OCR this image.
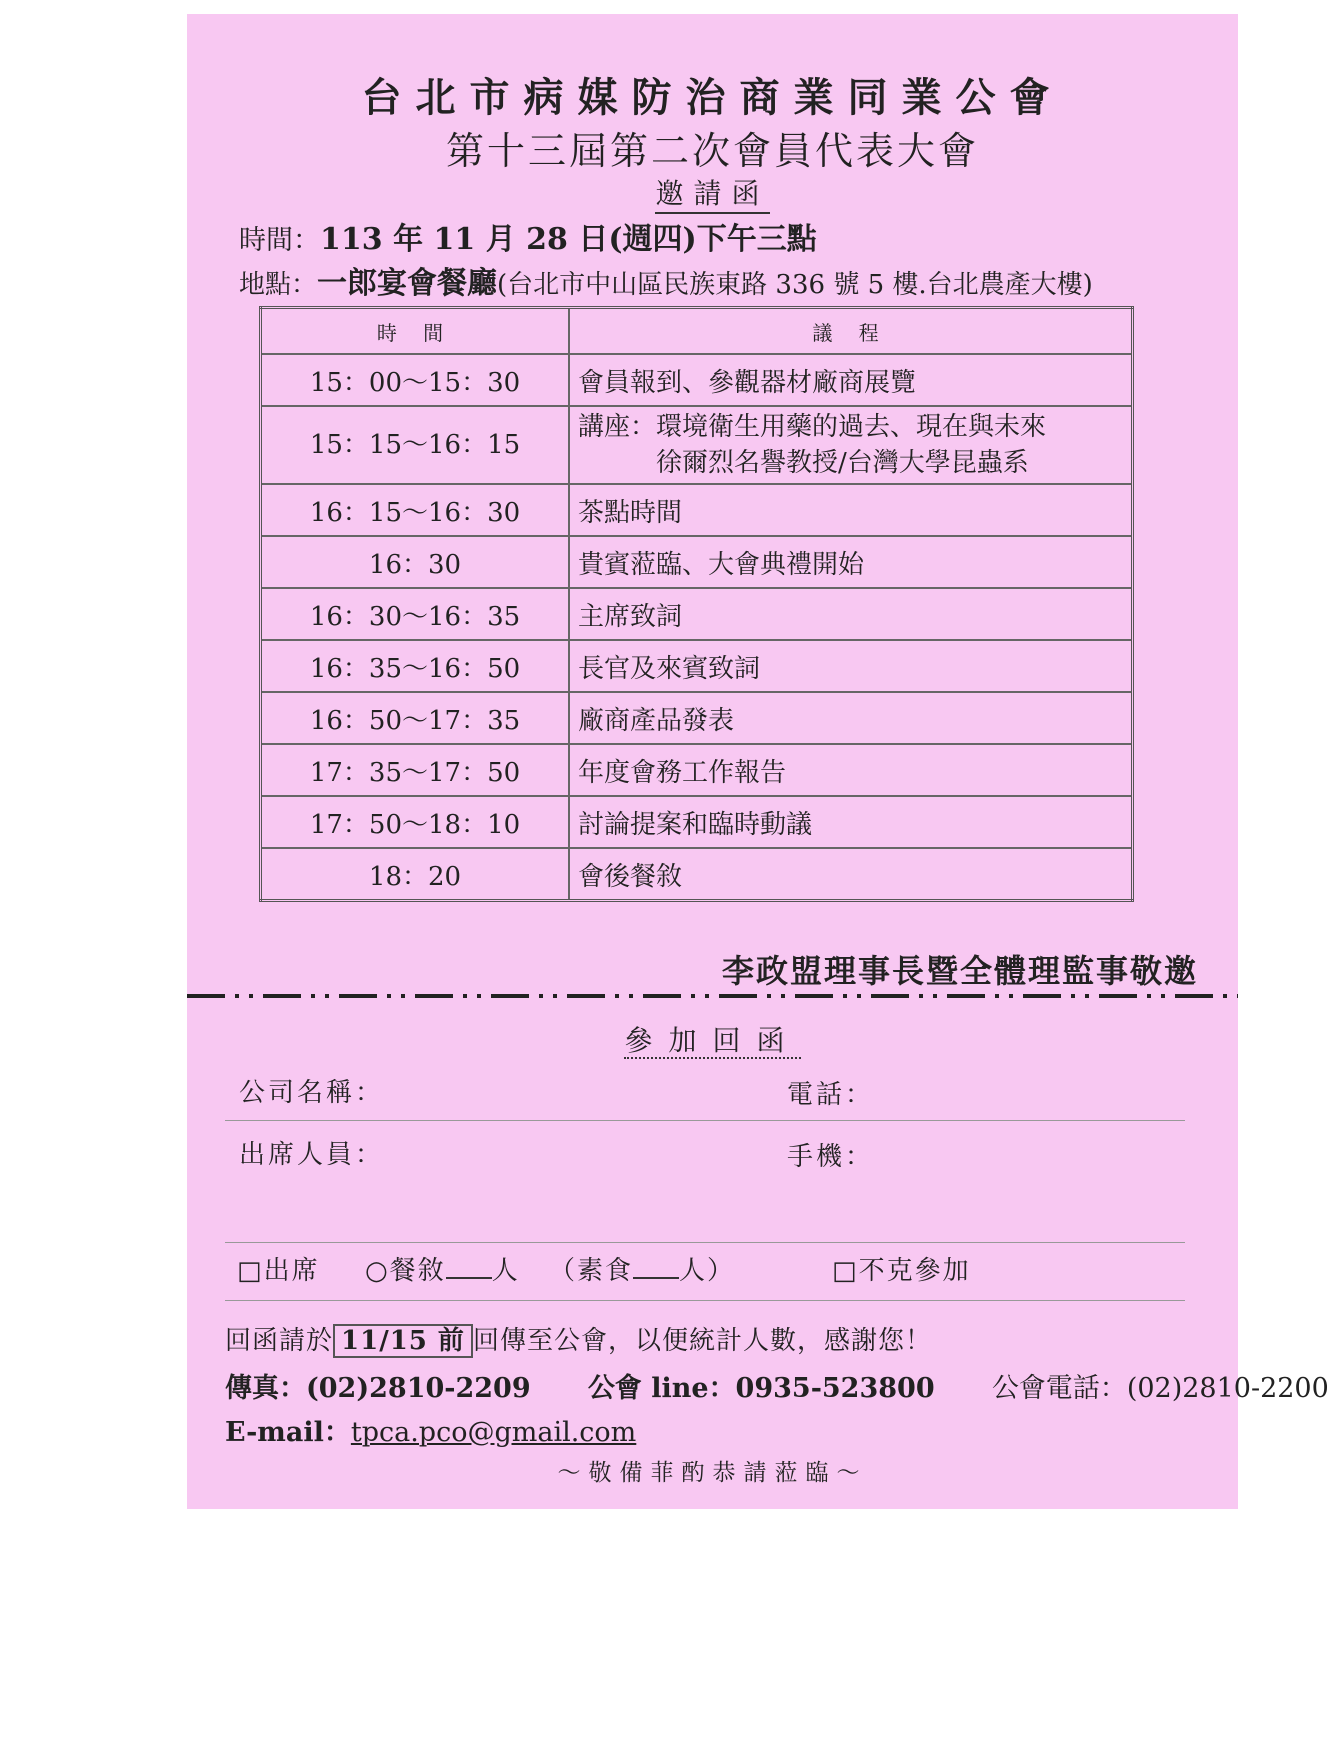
台北市病媒防治商業同業公會
第十三屆第二次會員代表大會
邀請函
時間：113 年 11 月 28 日(週四)下午三點
地點：一郎宴會餐廳(台北市中山區民族東路 336 號 5 樓.台北農產大樓)
時 間	議 程
15：00～15：30	會員報到、參觀器材廠商展覽
15：15～16：15	講座：環境衛生用藥的過去、現在與未來
徐爾烈名譽教授/台灣大學昆蟲系

16：15～16：30	茶點時間
16：30	貴賓蒞臨、大會典禮開始
16：30～16：35	主席致詞
16：35～16：50	長官及來賓致詞
16：50～17：35	廠商產品發表
17：35～17：50	年度會務工作報告
17：50～18：10	討論提案和臨時動議
18：20	會後餐敘
李政盟理事長暨全體理監事敬邀
參加回函
公司名稱：	電話：
出席人員：	手機：
□出席 ○餐敘 人 （素食 人）	□不克參加
回函請於 11/15 前 回傳至公會，以便統計人數，感謝您！
傳真：(02)2810-2209 公會 line：0935-523800 公會電話：(02)2810-2200
E-mail：tpca.pco@gmail.com
～敬備菲酌恭請蒞臨～
